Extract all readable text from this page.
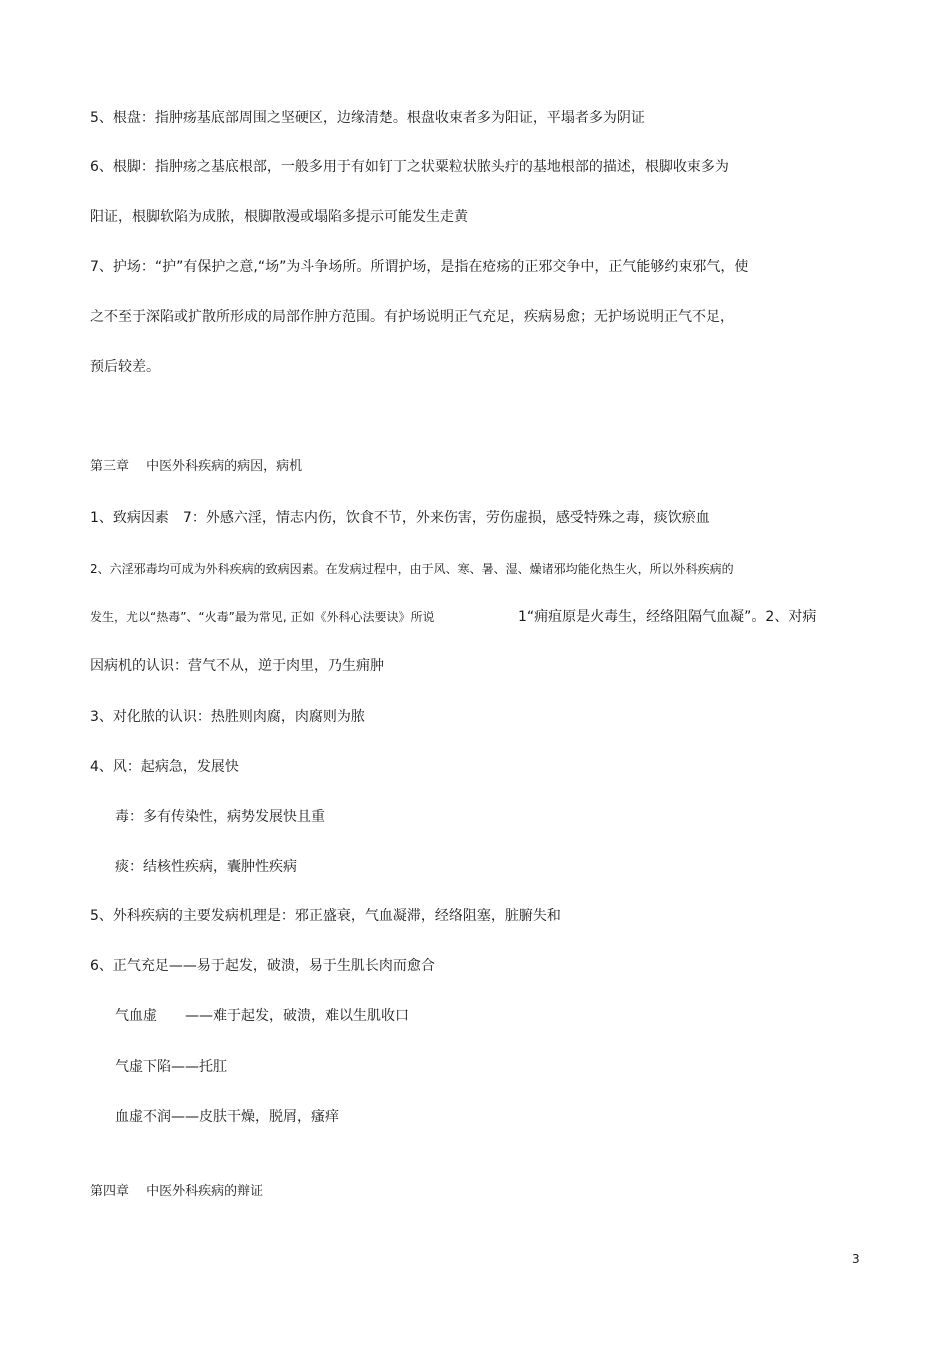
5、根盘：指肿疡基底部周围之坚硬区，边缘清楚。根盘收束者多为阳证，平塌者多为阴证
6、根脚：指肿疡之基底根部，一般多用于有如钉丁之状粟粒状脓头疔的基地根部的描述，根脚收束多为
阳证，根脚软陷为成脓，根脚散漫或塌陷多提示可能发生走黄
7、护场：“护”有保护之意,“场”为斗争场所。所谓护场，是指在疮疡的正邪交争中，正气能够约束邪气，使
之不至于深陷或扩散所形成的局部作肿方范围。有护场说明正气充足，疾病易愈；无护场说明正气不足，
预后较差。
第三章　 中医外科疾病的病因，病机
1、致病因素　7：外感六淫，情志内伤，饮食不节，外来伤害，劳伤虚损，感受特殊之毒，痰饮瘀血
2、六淫邪毒均可成为外科疾病的致病因素。在发病过程中，由于风、寒、暑、湿、燥诸邪均能化热生火，所以外科疾病的
发生，尤以“热毒”、“火毒”最为常见, 正如《外科心法要诀》所说	1“痈疽原是火毒生，经络阻隔气血凝”。2、对病
因病机的认识：营气不从，逆于肉里，乃生痈肿
3、对化脓的认识：热胜则肉腐，肉腐则为脓
4、风：起病急，发展快
毒：多有传染性，病势发展快且重
痰：结核性疾病，囊肿性疾病
5、外科疾病的主要发病机理是：邪正盛衰，气血凝滞，经络阻塞，脏腑失和
6、正气充足——易于起发，破溃，易于生肌长肉而愈合
气血虚　　——难于起发，破溃，难以生肌收口
气虚下陷——托肛
血虚不润——皮肤干燥，脱屑，瘙痒
第四章　 中医外科疾病的辩证
3
